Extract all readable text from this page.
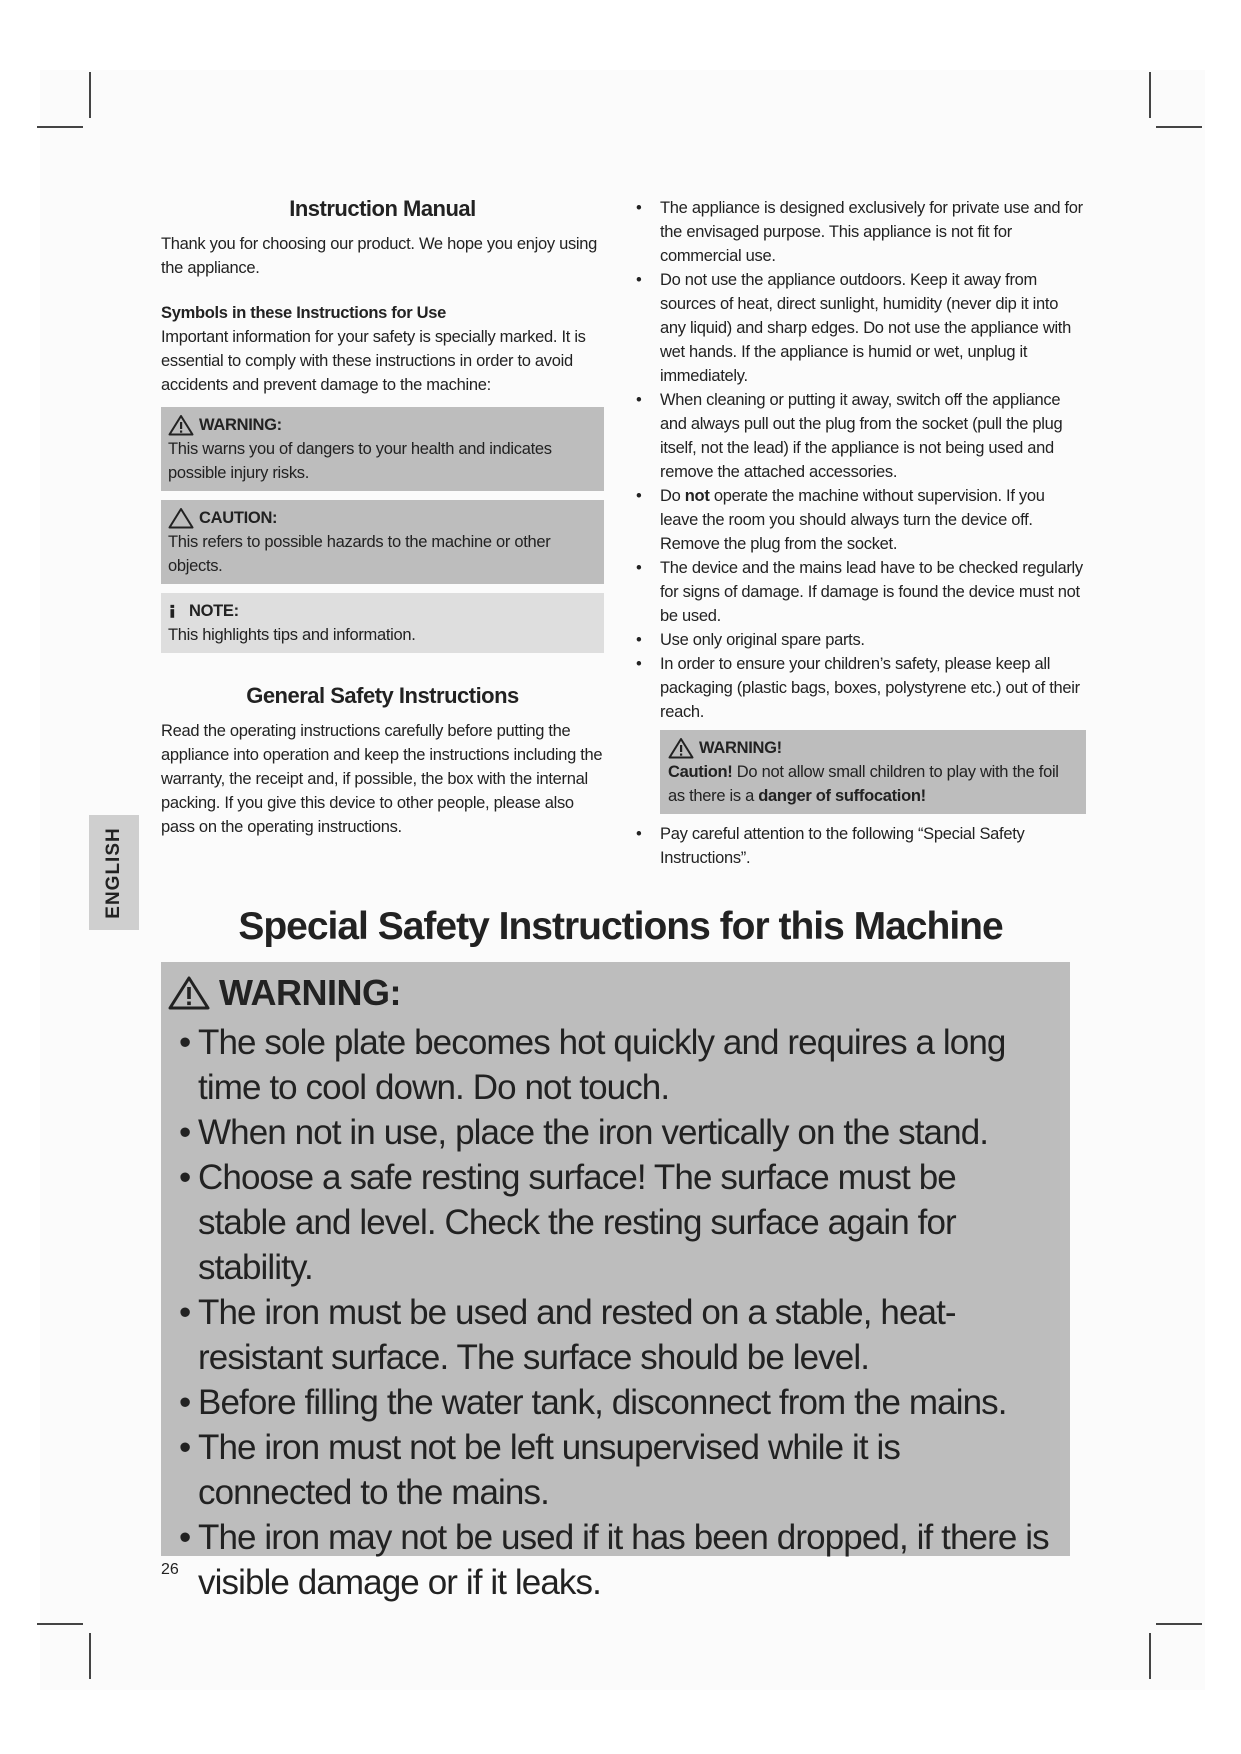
Instruction Manual

Thank you for choosing our product. We hope you enjoy using the appliance.

Symbols in these Instructions for Use

Important information for your safety is specially marked. It is essential to comply with these instructions in order to avoid accidents and prevent damage to the machine:

WARNING:
This warns you of dangers to your health and indicates possible injury risks.
CAUTION:
This refers to possible hazards to the machine or other objects.
NOTE:
This highlights tips and information.
General Safety Instructions

Read the operating instructions carefully before putting the appliance into operation and keep the instructions including the warranty, the receipt and, if possible, the box with the internal packing. If you give this device to other people, please also pass on the operating instructions.

• The appliance is designed exclusively for private use and for the envisaged purpose. This appliance is not fit for commercial use.
• Do not use the appliance outdoors. Keep it away from sources of heat, direct sunlight, humidity (never dip it into any liquid) and sharp edges. Do not use the appliance with wet hands. If the appliance is humid or wet, unplug it immediately.
• When cleaning or putting it away, switch off the appliance and always pull out the plug from the socket (pull the plug itself, not the lead) if the appliance is not being used and remove the attached accessories.
• Do not operate the machine without supervision. If you leave the room you should always turn the device off. Remove the plug from the socket.
• The device and the mains lead have to be checked regularly for signs of damage. If damage is found the device must not be used.
• Use only original spare parts.
• In order to ensure your children’s safety, please keep all packaging (plastic bags, boxes, polystyrene etc.) out of their reach.
WARNING!
Caution! Do not allow small children to play with the foil as there is a danger of suffocation!
• Pay careful attention to the following “Special Safety Instructions”.
ENGLISH
Special Safety Instructions for this Machine
WARNING:
• The sole plate becomes hot quickly and requires a long time to cool down. Do not touch.
• When not in use, place the iron vertically on the stand.
• Choose a safe resting surface! The surface must be stable and level. Check the resting surface again for stability.
• The iron must be used and rested on a stable, heat-resistant surface. The surface should be level.
• Before filling the water tank, disconnect from the mains.
• The iron must not be left unsupervised while it is connected to the mains.
• The iron may not be used if it has been dropped, if there is visible damage or if it leaks.
26
